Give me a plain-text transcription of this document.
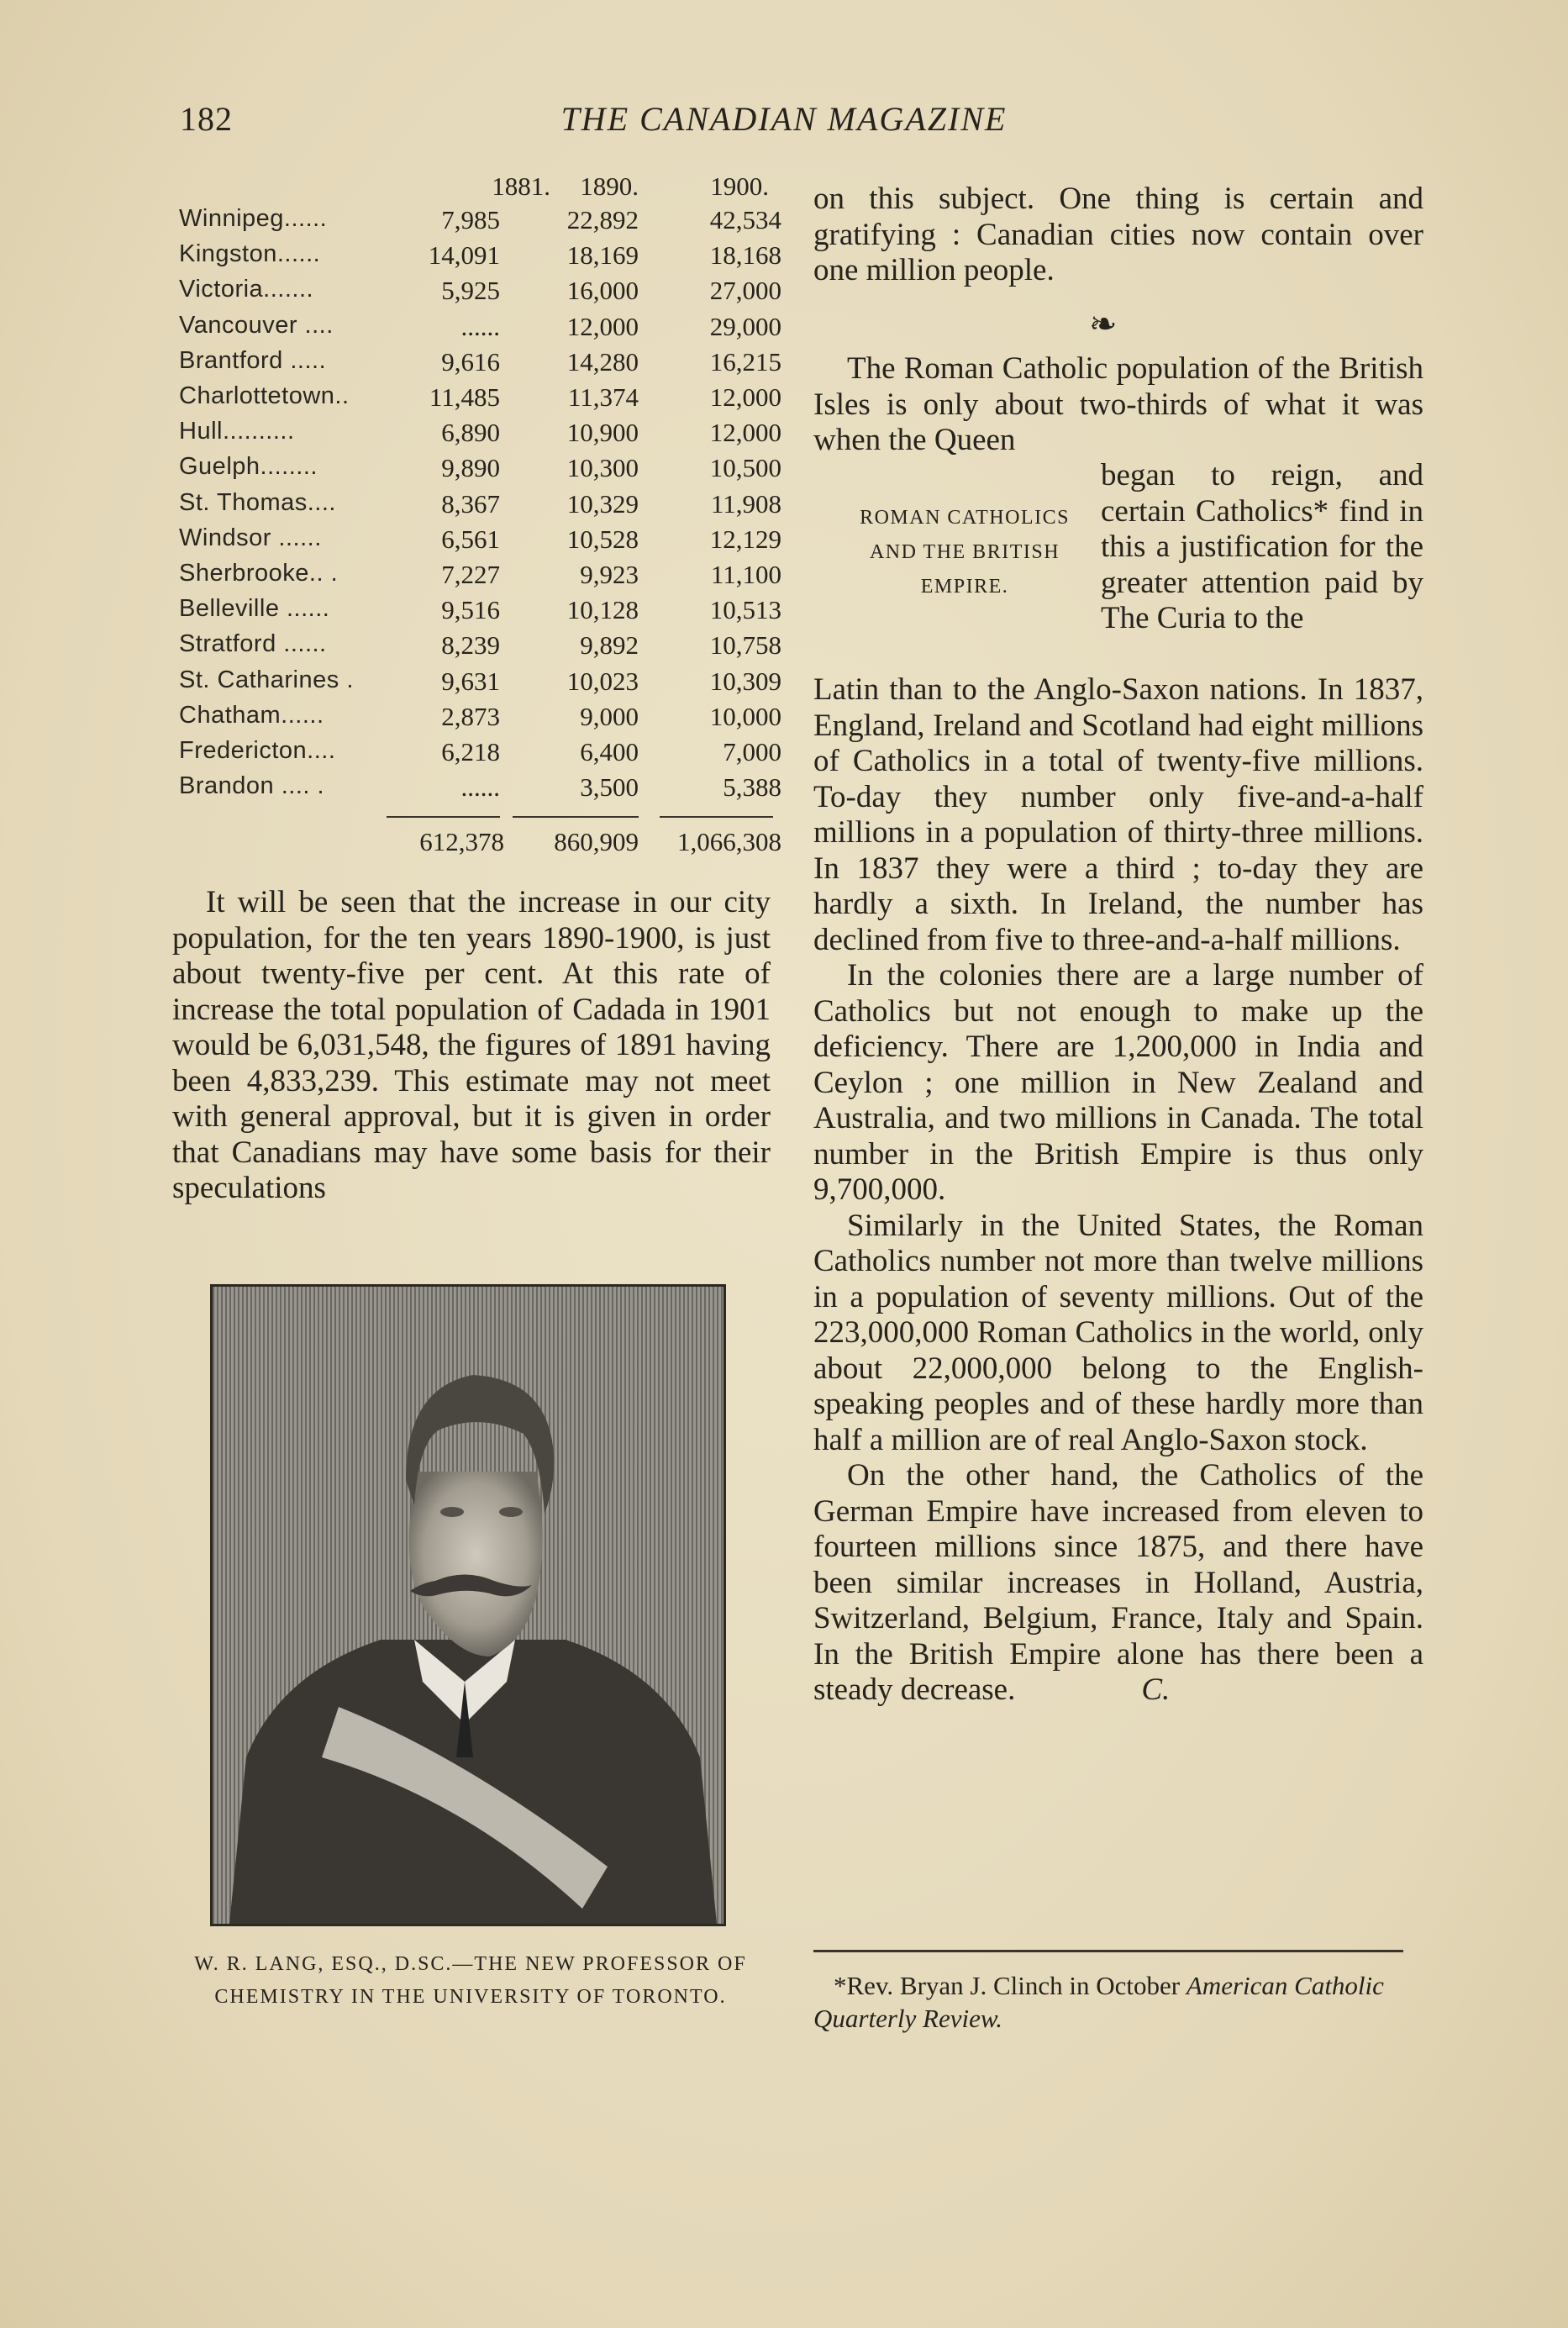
182	THE CANADIAN MAGAZINE
1881.	1890.	1900.
Winnipeg......	7,985	22,892	42,534
Kingston......	14,091	18,169	18,168
Victoria.......	5,925	16,000	27,000
Vancouver ....	......	12,000	29,000
Brantford .....	9,616	14,280	16,215
Charlottetown..	11,485	11,374	12,000
Hull..........	6,890	10,900	12,000
Guelph........	9,890	10,300	10,500
St. Thomas....	8,367	10,329	11,908
Windsor ......	6,561	10,528	12,129
Sherbrooke.. .	7,227	9,923	11,100
Belleville ......	9,516	10,128	10,513
Stratford ......	8,239	9,892	10,758
St. Catharines .	9,631	10,023	10,309
Chatham......	2,873	9,000	10,000
Fredericton....	6,218	6,400	7,000
Brandon .... .	......	3,500	5,388
612,378	860,909	1,066,308

It will be seen that the increase in our city population, for the ten years 1890-1900, is just about twenty-five per cent. At this rate of increase the total population of Cadada in 1901 would be 6,031,548, the figures of 1891 having been 4,833,239. This estimate may not meet with general approval, but it is given in order that Canadians may have some basis for their speculations

W. R. LANG, ESQ., D.SC.—THE NEW PROFESSOR OF CHEMISTRY IN THE UNIVERSITY OF TORONTO.

on this subject. One thing is certain and gratifying : Canadian cities now contain over one million people.

❧

The Roman Catholic population of the British Isles is only about two-thirds of what it was when the Queen

ROMAN CATHOLICS AND THE BRITISH EMPIRE.

began to reign, and certain Catholics* find in this a justification for the greater attention paid by The Curia to the

Latin than to the Anglo-Saxon nations. In 1837, England, Ireland and Scotland had eight millions of Catholics in a total of twenty-five millions. To-day they number only five-and-a-half millions in a population of thirty-three millions. In 1837 they were a third ; to-day they are hardly a sixth. In Ireland, the number has declined from five to three-and-a-half millions.

In the colonies there are a large number of Catholics but not enough to make up the deficiency. There are 1,200,000 in India and Ceylon ; one million in New Zealand and Australia, and two millions in Canada. The total number in the British Empire is thus only 9,700,000.

Similarly in the United States, the Roman Catholics number not more than twelve millions in a population of seventy millions. Out of the 223,000,000 Roman Catholics in the world, only about 22,000,000 belong to the English-speaking peoples and of these hardly more than half a million are of real Anglo-Saxon stock.

On the other hand, the Catholics of the German Empire have increased from eleven to fourteen millions since 1875, and there have been similar increases in Holland, Austria, Switzerland, Belgium, France, Italy and Spain. In the British Empire alone has there been a steady decrease.	C.

*Rev. Bryan J. Clinch in October American Catholic Quarterly Review.
